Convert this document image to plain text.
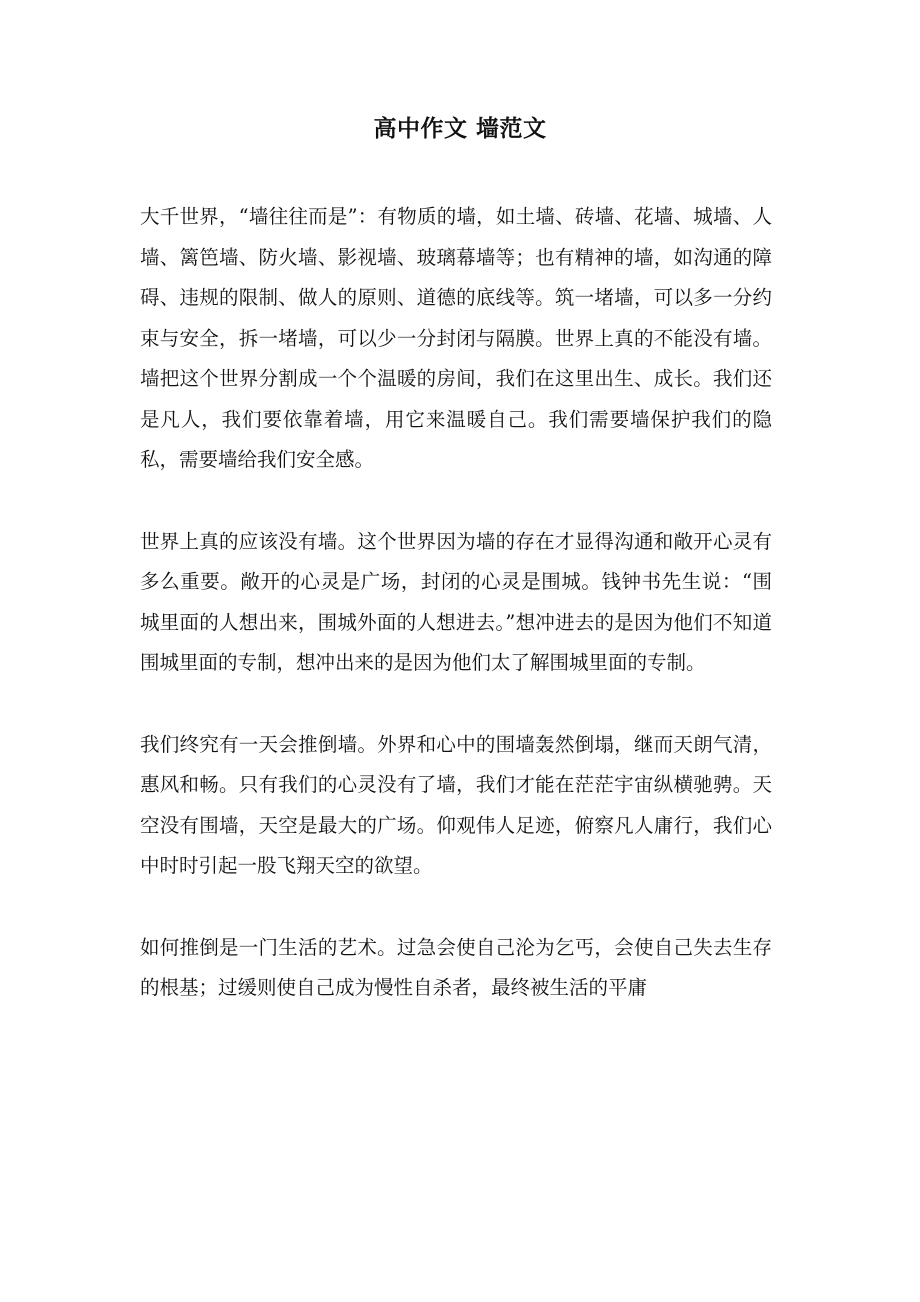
高中作文 墙范文

大千世界，“墙往往而是”：有物质的墙，如土墙、砖墙、花墙、城墙、人墙、篱笆墙、防火墙、影视墙、玻璃幕墙等；也有精神的墙，如沟通的障碍、违规的限制、做人的原则、道德的底线等。筑一堵墙，可以多一分约束与安全，拆一堵墙，可以少一分封闭与隔膜。世界上真的不能没有墙。墙把这个世界分割成一个个温暖的房间，我们在这里出生、成长。我们还是凡人，我们要依靠着墙，用它来温暖自己。我们需要墙保护我们的隐私，需要墙给我们安全感。

世界上真的应该没有墙。这个世界因为墙的存在才显得沟通和敞开心灵有多么重要。敞开的心灵是广场，封闭的心灵是围城。钱钟书先生说：“围城里面的人想出来，围城外面的人想进去。”想冲进去的是因为他们不知道围城里面的专制，想冲出来的是因为他们太了解围城里面的专制。

我们终究有一天会推倒墙。外界和心中的围墙轰然倒塌，继而天朗气清，惠风和畅。只有我们的心灵没有了墙，我们才能在茫茫宇宙纵横驰骋。天空没有围墙，天空是最大的广场。仰观伟人足迹，俯察凡人庸行，我们心中时时引起一股飞翔天空的欲望。

如何推倒是一门生活的艺术。过急会使自己沦为乞丐，会使自己失去生存的根基；过缓则使自己成为慢性自杀者，最终被生活的平庸
